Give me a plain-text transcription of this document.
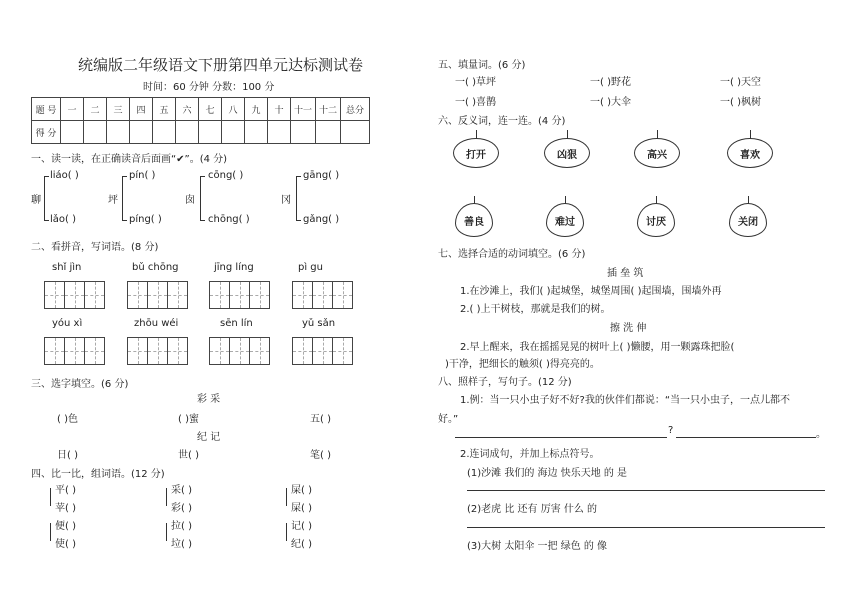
统编版二年级语文下册第四单元达标测试卷
时间：60 分钟 分数：100 分
题 号	一	二	三	四	五	六	七	八	九	十	十一	十二	总分
得 分													
一、读一读，在正确读音后面画“✔”。(4 分)
聊
liáo( )
lǎo( )
坪
pín( )
píng( )
囱
cōng( )
chōng( )
冈
gāng( )
gǎng( )
二、看拼音，写词语。(8 分)
shǐ jìn	bǔ chōng	jīng líng	pì gu
yóu xì	zhōu wéi	sēn lín	yǔ sǎn
三、选字填空。(6 分)
彩 采
( )色	( )蜜	五( )
纪 记
日( )	世( )	笔( )
四、比一比，组词语。(12 分)
平( )
苹( )
采( )
彩( )
屎( )
屎( )
便( )
使( )
拉( )
垃( )
记( )
纪( )
五、填量词。(6 分)
一( )草坪	一( )野花	一( )天空
一( )喜鹊	一( )大伞	一( )枫树
六、反义词，连一连。(4 分)
打开	凶狠	高兴	喜欢
善良	难过	讨厌	关闭
七、选择合适的动词填空。(6 分)
插 垒 筑
1.在沙滩上，我们( )起城堡，城堡周围( )起围墙，围墙外再
2.( )上干树枝，那就是我们的树。
擦 洗 伸
2.早上醒来，我在摇摇晃晃的树叶上( )懒腰，用一颗露珠把脸(
)干净，把细长的触须( )得亮亮的。
八、照样子，写句子。(12 分)
1.例：当一只小虫子好不好?我的伙伴们都说：“当一只小虫子，一点儿都不
好。”
?	。
2.连词成句，并加上标点符号。
(1)沙滩 我们的 海边 快乐天地 的 是
(2)老虎 比 还有 厉害 什么 的
(3)大树 太阳伞 一把 绿色 的 像
